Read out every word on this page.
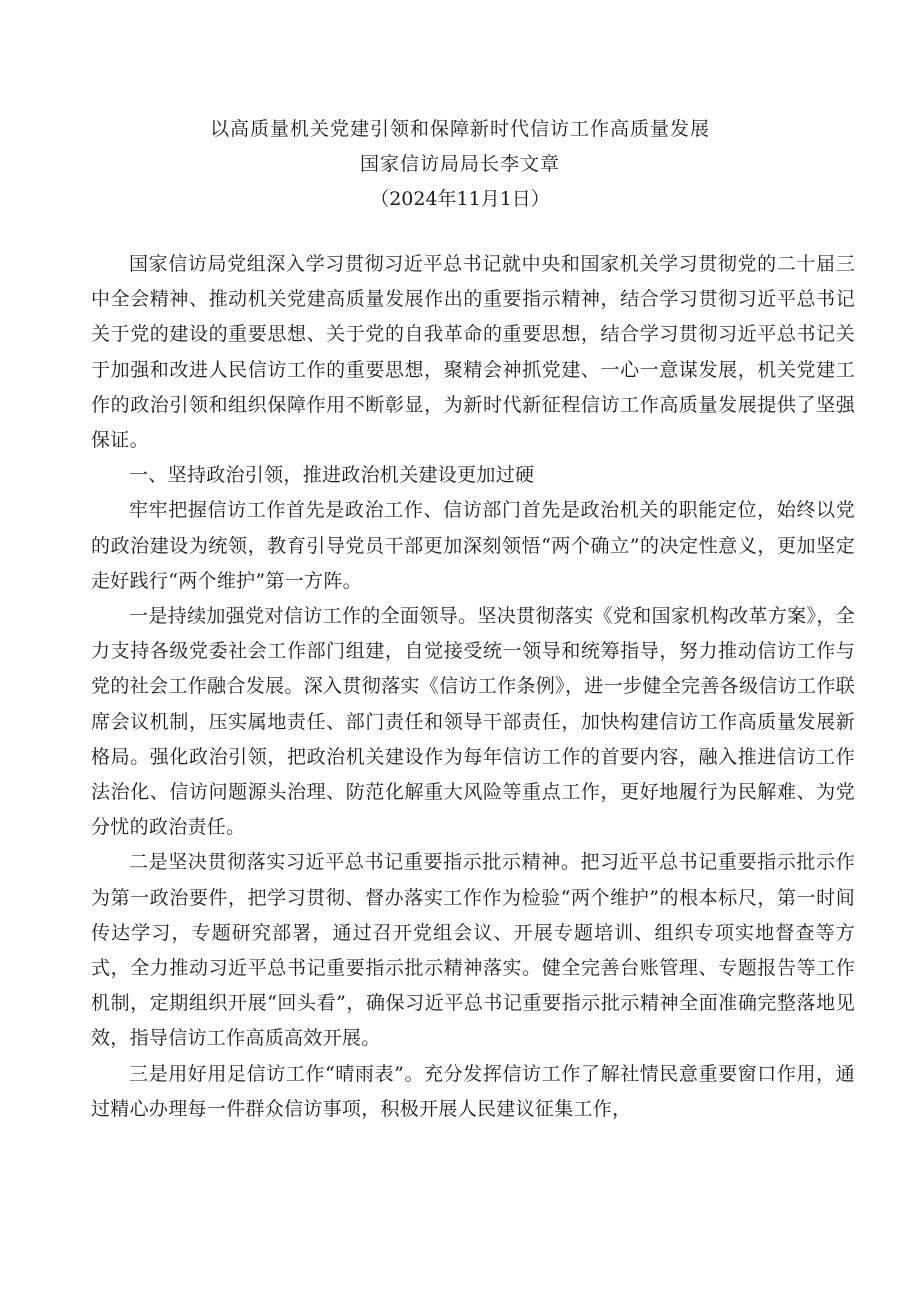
以高质量机关党建引领和保障新时代信访工作高质量发展
国家信访局局长李文章
（2024年11月1日）

国家信访局党组深入学习贯彻习近平总书记就中央和国家机关学习贯彻党的二十届三中全会精神、推动机关党建高质量发展作出的重要指示精神，结合学习贯彻习近平总书记关于党的建设的重要思想、关于党的自我革命的重要思想，结合学习贯彻习近平总书记关于加强和改进人民信访工作的重要思想，聚精会神抓党建、一心一意谋发展，机关党建工作的政治引领和组织保障作用不断彰显，为新时代新征程信访工作高质量发展提供了坚强保证。

一、坚持政治引领，推进政治机关建设更加过硬

牢牢把握信访工作首先是政治工作、信访部门首先是政治机关的职能定位，始终以党的政治建设为统领，教育引导党员干部更加深刻领悟“两个确立”的决定性意义，更加坚定走好践行“两个维护”第一方阵。

一是持续加强党对信访工作的全面领导。坚决贯彻落实《党和国家机构改革方案》，全力支持各级党委社会工作部门组建，自觉接受统一领导和统筹指导，努力推动信访工作与党的社会工作融合发展。深入贯彻落实《信访工作条例》，进一步健全完善各级信访工作联席会议机制，压实属地责任、部门责任和领导干部责任，加快构建信访工作高质量发展新格局。强化政治引领，把政治机关建设作为每年信访工作的首要内容，融入推进信访工作法治化、信访问题源头治理、防范化解重大风险等重点工作，更好地履行为民解难、为党分忧的政治责任。

二是坚决贯彻落实习近平总书记重要指示批示精神。把习近平总书记重要指示批示作为第一政治要件，把学习贯彻、督办落实工作作为检验“两个维护”的根本标尺，第一时间传达学习，专题研究部署，通过召开党组会议、开展专题培训、组织专项实地督查等方式，全力推动习近平总书记重要指示批示精神落实。健全完善台账管理、专题报告等工作机制，定期组织开展“回头看”，确保习近平总书记重要指示批示精神全面准确完整落地见效，指导信访工作高质高效开展。

三是用好用足信访工作“晴雨表”。充分发挥信访工作了解社情民意重要窗口作用，通过精心办理每一件群众信访事项，积极开展人民建议征集工作，
